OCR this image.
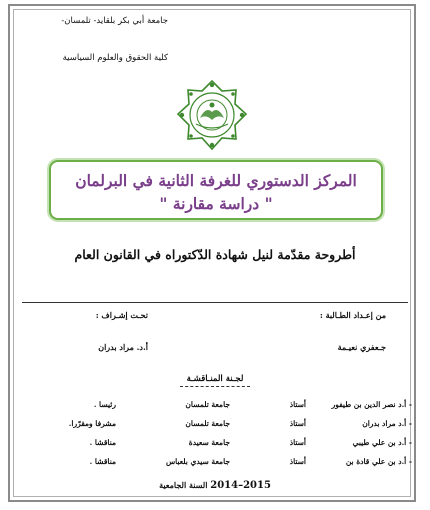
جامعة أبي بكر بلقايد- تلمسان-
كلية الحقوق والعلوم السياسية
المركز الدستوري للغرفة الثانية في البرلمان
" دراسة مقارنة "
أطروحة مقدّمة لنيل شهادة الدّكتوراه في القانون العام
من إعـداد الطـالبة :
تحـت إشـراف :
جـعفري نعيـمة
أ.د. مراد بدران
لجـنة المنـاقشـة
- أ.د نصر الدين بن طيفور
أستاذ
جامعة تلمسان
رئيسا .
- أ.د مراد بدران
أستاذ
جامعة تلمسان
مشرفا ومقرّرا.
- أ.د بن علي طيبي
أستاذ
جامعة سعيدة
مناقشا .
- أ.د بن علي قادة بن
أستاذ
جامعة سيدي بلعباس
مناقشا .
السنة الجامعية 2014–2015
